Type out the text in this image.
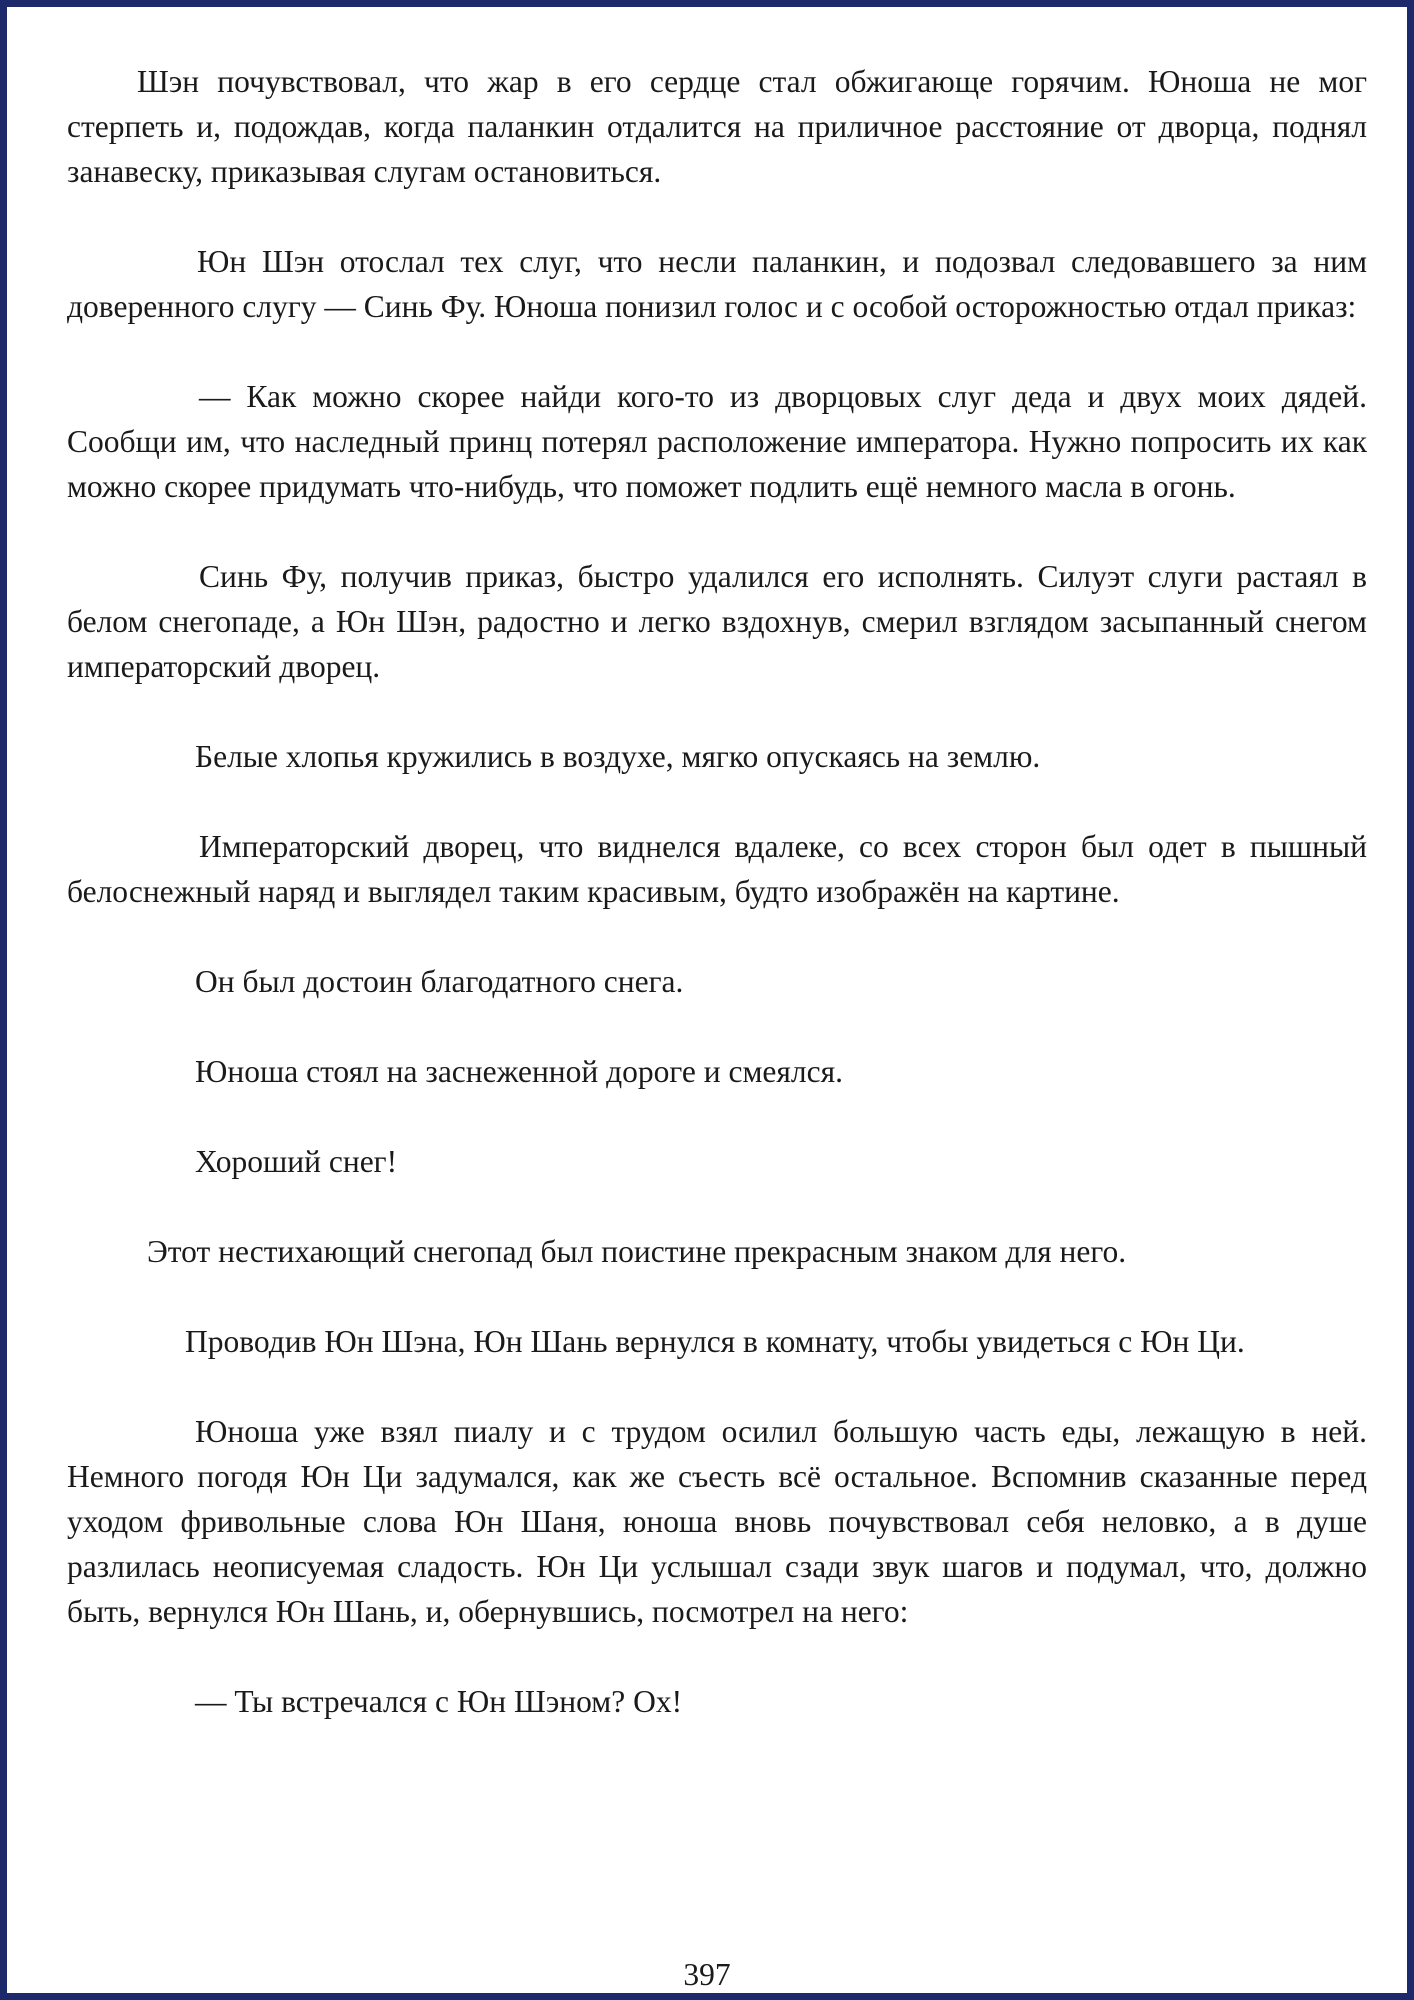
Шэн почувствовал, что жар в его сердце стал обжигающе горячим. Юноша не мог стерпеть и, подождав, когда паланкин отдалится на приличное расстояние от дворца, поднял занавеску, приказывая слугам остановиться.

Юн Шэн отослал тех слуг, что несли паланкин, и подозвал следовавшего за ним доверенного слугу — Синь Фу. Юноша понизил голос и с особой осторожностью отдал приказ:

— Как можно скорее найди кого-то из дворцовых слуг деда и двух моих дядей. Сообщи им, что наследный принц потерял расположение императора. Нужно попросить их как можно скорее придумать что-нибудь, что поможет подлить ещё немного масла в огонь.

Синь Фу, получив приказ, быстро удалился его исполнять. Силуэт слуги растаял в белом снегопаде, а Юн Шэн, радостно и легко вздохнув, смерил взглядом засыпанный снегом императорский дворец.

Белые хлопья кружились в воздухе, мягко опускаясь на землю.

Императорский дворец, что виднелся вдалеке, со всех сторон был одет в пышный белоснежный наряд и выглядел таким красивым, будто изображён на картине.

Он был достоин благодатного снега.

Юноша стоял на заснеженной дороге и смеялся.

Хороший снег!

Этот нестихающий снегопад был поистине прекрасным знаком для него.

Проводив Юн Шэна, Юн Шань вернулся в комнату, чтобы увидеться с Юн Ци.

Юноша уже взял пиалу и с трудом осилил большую часть еды, лежащую в ней. Немного погодя Юн Ци задумался, как же съесть всё остальное. Вспомнив сказанные перед уходом фривольные слова Юн Шаня, юноша вновь почувствовал себя неловко, а в душе разлилась неописуемая сладость. Юн Ци услышал сзади звук шагов и подумал, что, должно быть, вернулся Юн Шань, и, обернувшись, посмотрел на него:

— Ты встречался с Юн Шэном? Ох!

397
